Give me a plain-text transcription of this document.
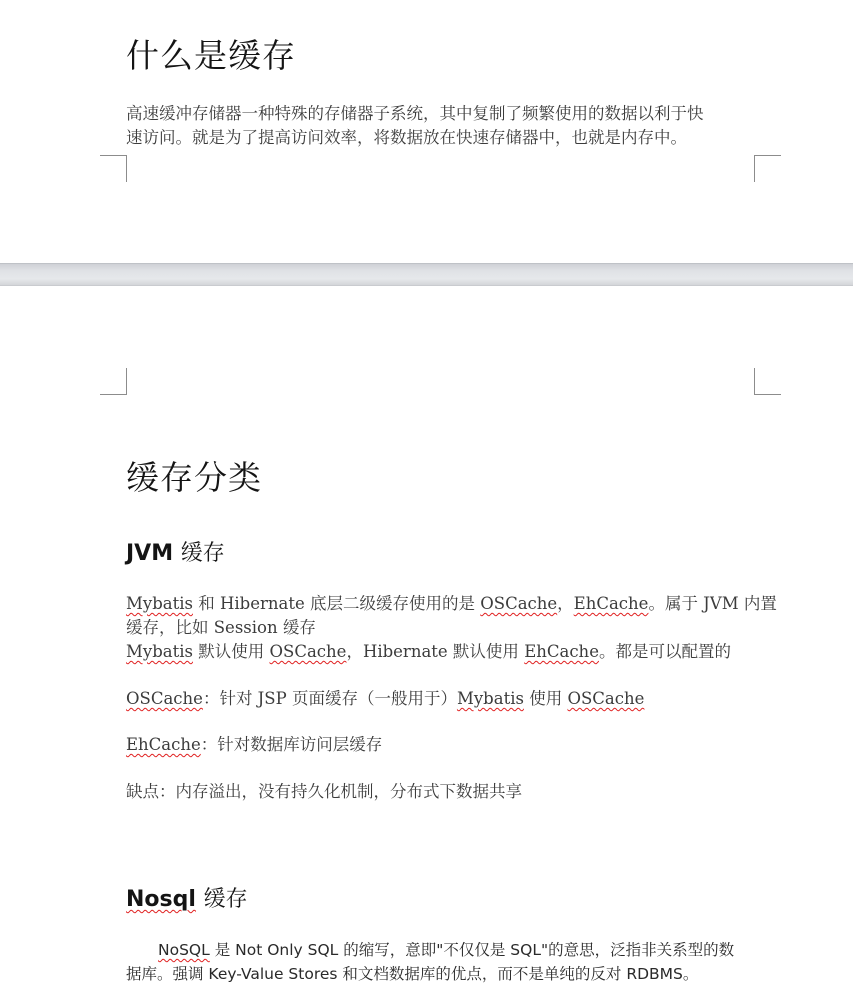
什么是缓存

高速缓冲存储器一种特殊的存储器子系统，其中复制了频繁使用的数据以利于快

速访问。就是为了提高访问效率，将数据放在快速存储器中，也就是内存中。

缓存分类
JVM 缓存

Mybatis 和 Hibernate 底层二级缓存使用的是 OSCache，EhCache。属于 JVM 内置

缓存，比如 Session 缓存

Mybatis 默认使用 OSCache，Hibernate 默认使用 EhCache。都是可以配置的

OSCache：针对 JSP 页面缓存（一般用于）Mybatis 使用 OSCache

EhCache：针对数据库访问层缓存

缺点：内存溢出，没有持久化机制，分布式下数据共享

Nosql 缓存

NoSQL 是 Not Only SQL 的缩写，意即"不仅仅是 SQL"的意思，泛指非关系型的数

据库。强调 Key-Value Stores 和文档数据库的优点，而不是单纯的反对 RDBMS。
